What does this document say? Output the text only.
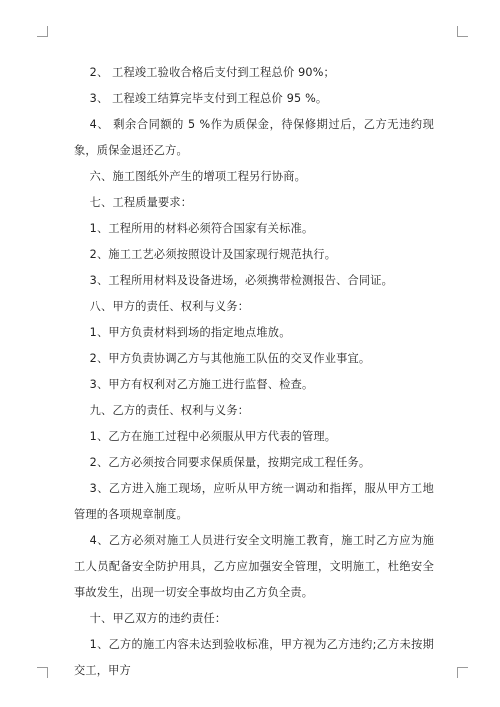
2、 工程竣工验收合格后支付到工程总价 90%；

3、 工程竣工结算完毕支付到工程总价 95 %。

4、 剩余合同额的 5 %作为质保金，待保修期过后，乙方无违约现象，质保金退还乙方。

六、施工图纸外产生的增项工程另行协商。

七、工程质量要求：

1、工程所用的材料必须符合国家有关标准。

2、施工工艺必须按照设计及国家现行规范执行。

3、工程所用材料及设备进场，必须携带检测报告、合同证。

八、甲方的责任、权利与义务：

1、甲方负责材料到场的指定地点堆放。

2、甲方负责协调乙方与其他施工队伍的交叉作业事宜。

3、甲方有权利对乙方施工进行监督、检查。

九、乙方的责任、权利与义务：

1、乙方在施工过程中必须服从甲方代表的管理。

2、乙方必须按合同要求保质保量，按期完成工程任务。

3、乙方进入施工现场，应听从甲方统一调动和指挥，服从甲方工地管理的各项规章制度。

4、乙方必须对施工人员进行安全文明施工教育，施工时乙方应为施工人员配备安全防护用具，乙方应加强安全管理，文明施工，杜绝安全事故发生，出现一切安全事故均由乙方负全责。

十、甲乙双方的违约责任：

1、乙方的施工内容未达到验收标准，甲方视为乙方违约;乙方未按期交工，甲方
